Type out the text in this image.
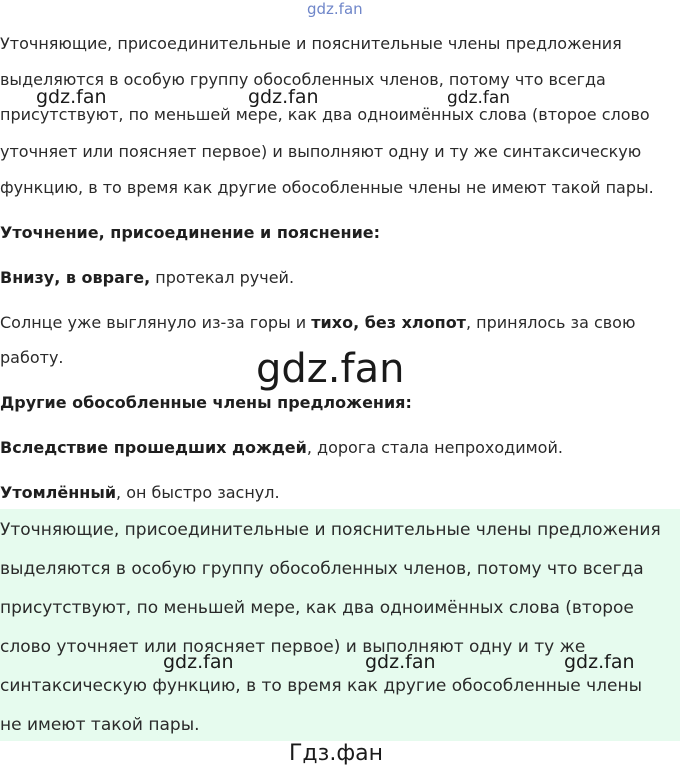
gdz.fan
Уточняющие, присоединительные и пояснительные члены предложения
выделяются в особую группу обособленных членов, потому что всегда
присутствуют, по меньшей мере, как два одноимённых слова (второе слово
уточняет или поясняет первое) и выполняют одну и ту же синтаксическую
функцию, в то время как другие обособленные члены не имеют такой пары.
gdz.fan	gdz.fan	gdz.fan
Уточнение, присоединение и пояснение:
Внизу, в овраге, протекал ручей.
Солнце уже выглянуло из-за горы и тихо, без хлопот, принялось за свою
работу.	gdz.fan
Другие обособленные члены предложения:
Вследствие прошедших дождей, дорога стала непроходимой.
Утомлённый, он быстро заснул.
Уточняющие, присоединительные и пояснительные члены предложения
выделяются в особую группу обособленных членов, потому что всегда
присутствуют, по меньшей мере, как два одноимённых слова (второе
слово уточняет или поясняет первое) и выполняют одну и ту же
синтаксическую функцию, в то время как другие обособленные члены
не имеют такой пары.
gdz.fan	gdz.fan	gdz.fan
Гдз.фан
